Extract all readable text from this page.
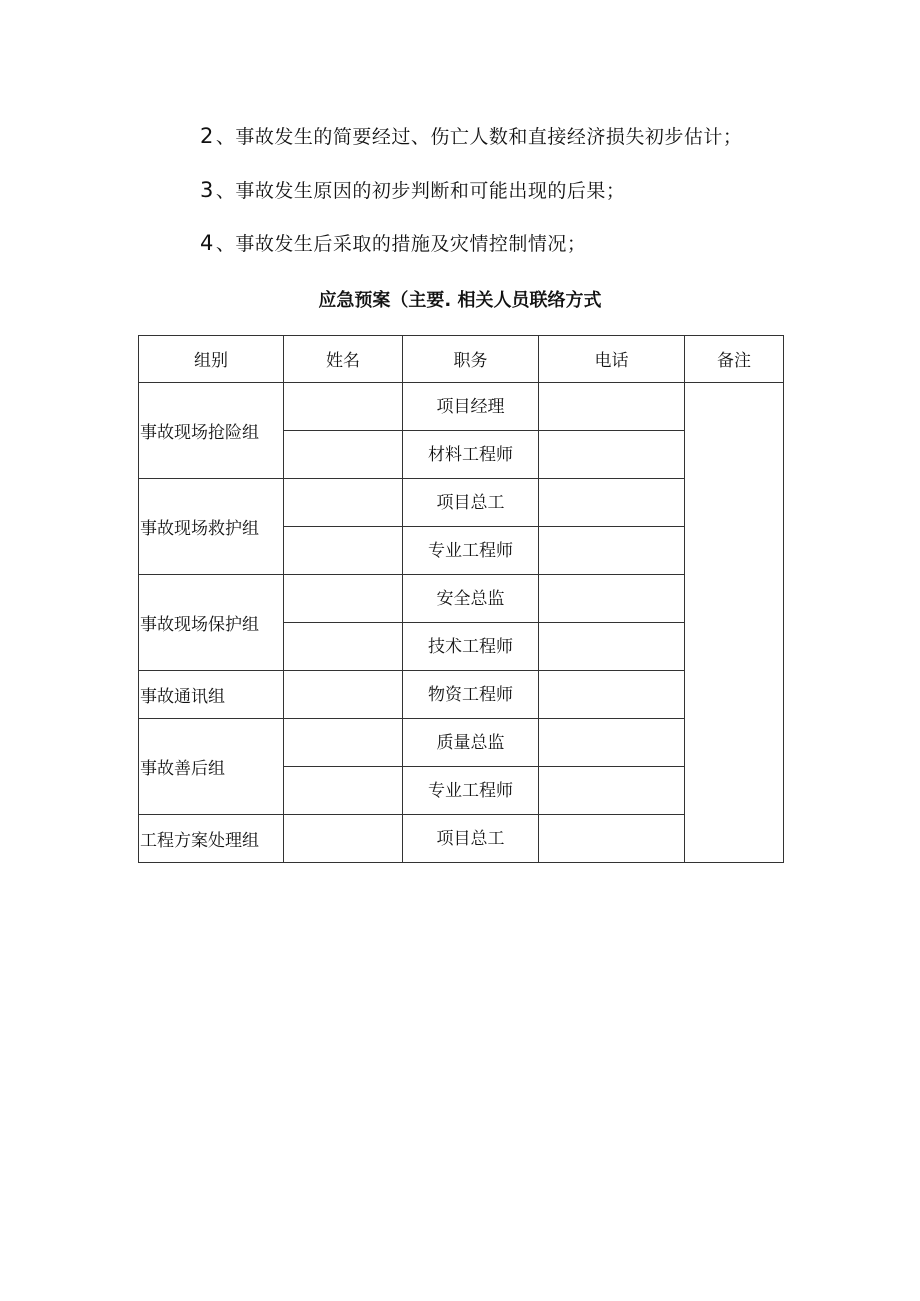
2 、事故发生的简要经过、伤亡人数和直接经济损失初步估计；
3 、事故发生原因的初步判断和可能出现的后果；
4 、事故发生后采取的措施及灾情控制情况；
应急预案（主要. 相关人员联络方式
组别	姓名	职务	电话	备注
事故现场抢险组		项目经理		
		材料工程师		
事故现场救护组		项目总工		
		专业工程师		
事故现场保护组		安全总监		
		技术工程师		
事故通讯组		物资工程师		
事故善后组		质量总监		
		专业工程师		
工程方案处理组		项目总工		
